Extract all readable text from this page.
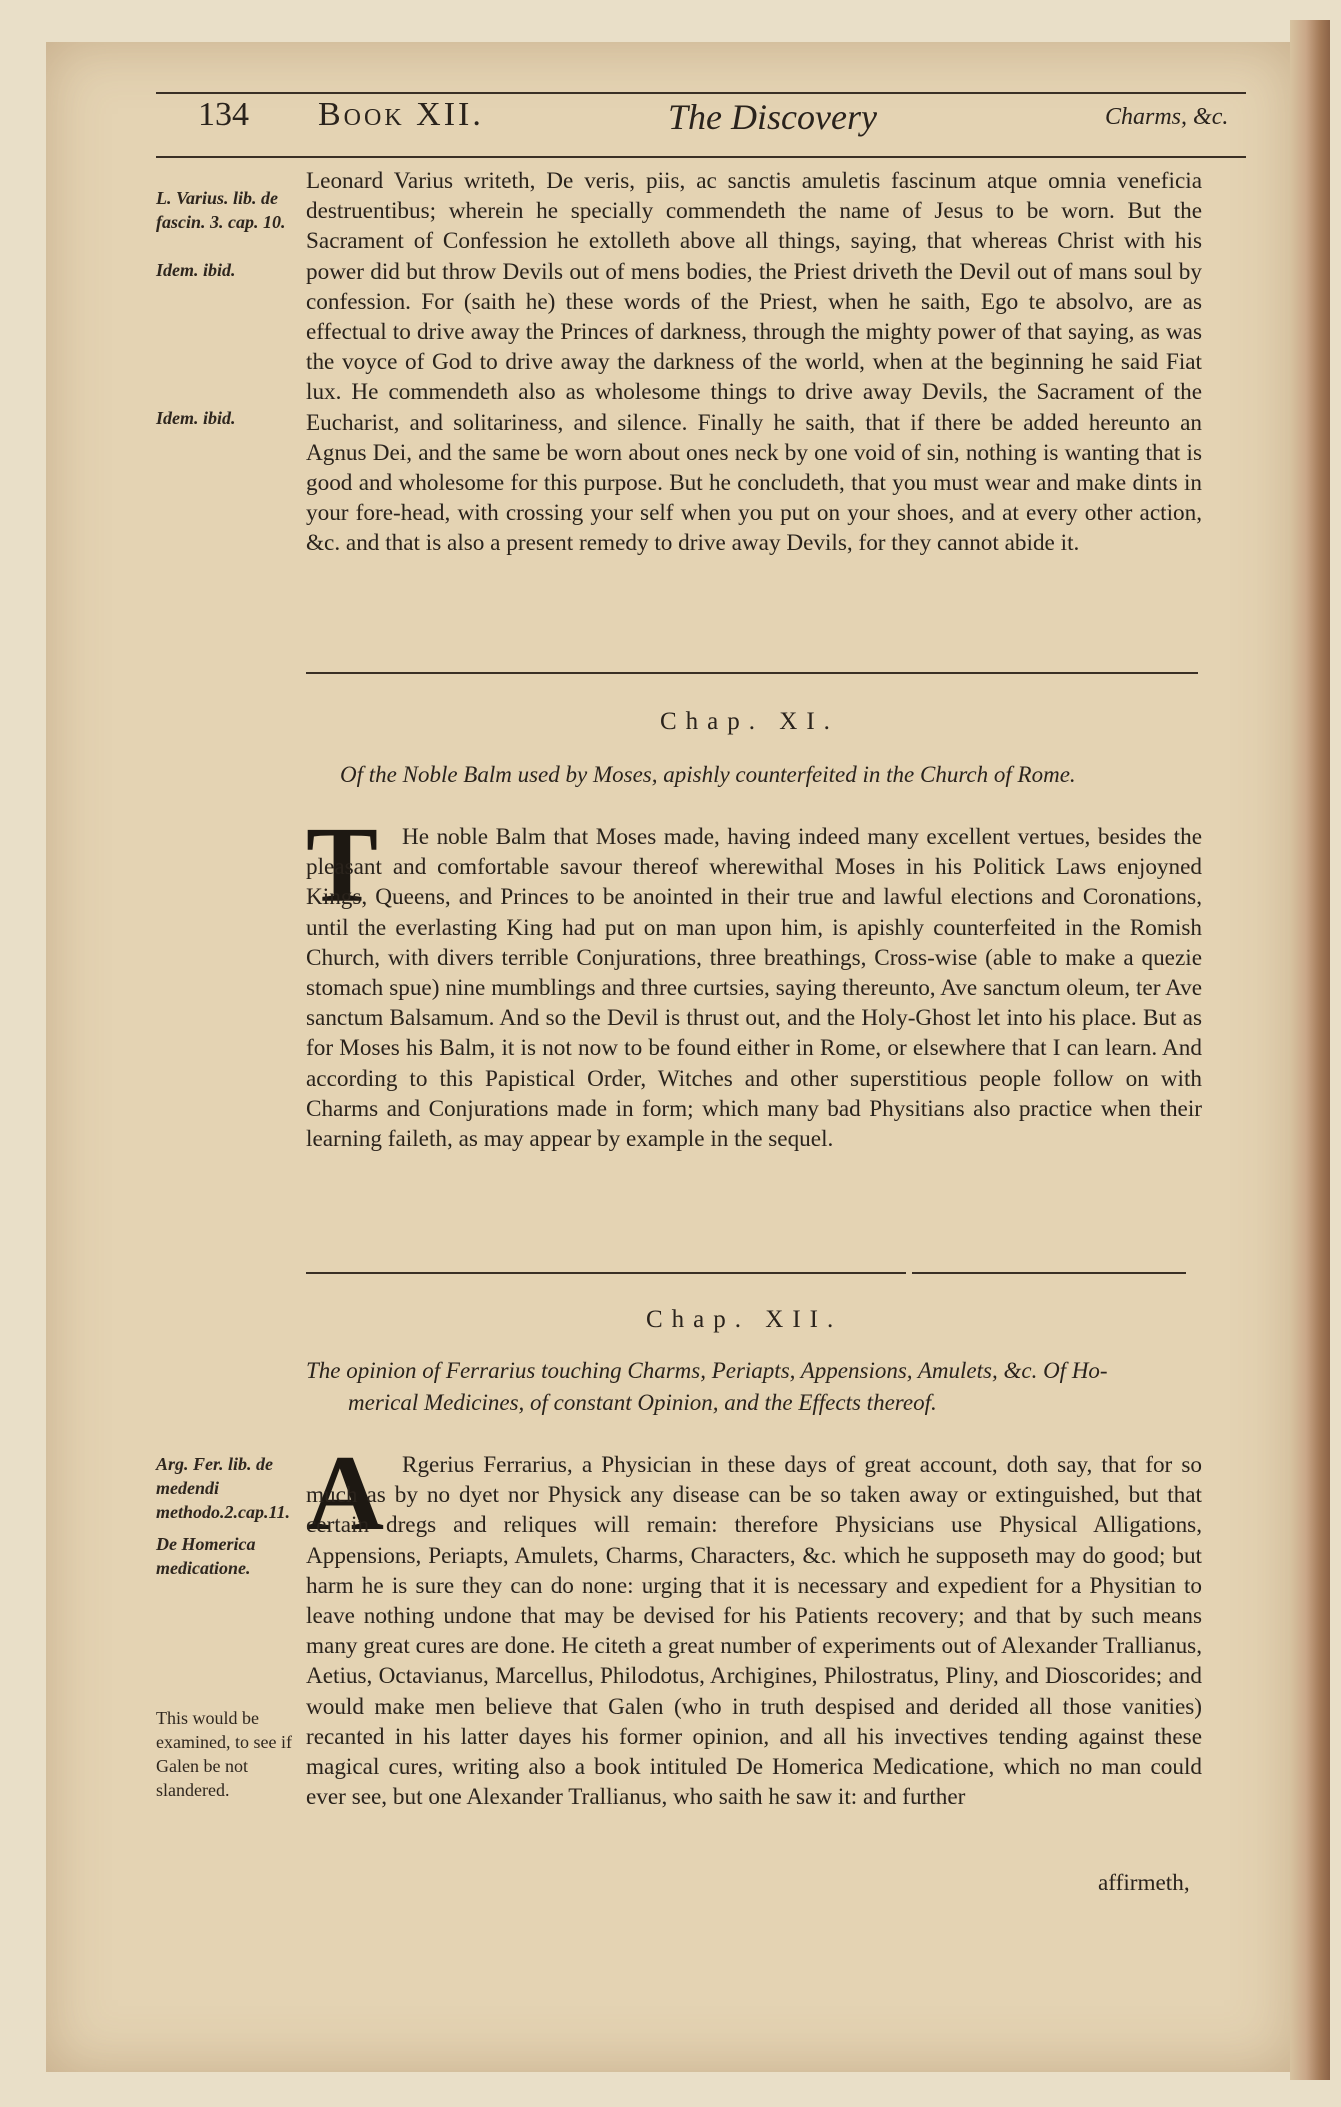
134 Book XII.	The Discovery	Charms, &c.
L. Varius. lib. de fascin. 3. cap. 10.
Idem. ibid.
Idem. ibid.
Leonard Varius writeth, De veris, piis, ac sanctis amuletis fascinum atque omnia veneficia destruentibus; wherein he specially commendeth the name of Jesus to be worn. But the Sacrament of Confession he extolleth above all things, saying, that whereas Christ with his power did but throw Devils out of mens bodies, the Priest driveth the Devil out of mans soul by confession. For (saith he) these words of the Priest, when he saith, Ego te absolvo, are as effectual to drive away the Princes of darkness, through the mighty power of that saying, as was the voyce of God to drive away the darkness of the world, when at the beginning he said Fiat lux. He commendeth also as wholesome things to drive away Devils, the Sacrament of the Eucharist, and solitariness, and silence. Finally he saith, that if there be added hereunto an Agnus Dei, and the same be worn about ones neck by one void of sin, nothing is wanting that is good and wholesome for this purpose. But he concludeth, that you must wear and make dints in your fore-head, with crossing your self when you put on your shoes, and at every other action, &c. and that is also a present remedy to drive away Devils, for they cannot abide it.
Chap. XI.
Of the Noble Balm used by Moses, apishly counterfeited in the Church of Rome.
T	He noble Balm that Moses made, having indeed many excellent vertues, besides the pleasant and comfortable savour thereof wherewithal Moses in his Politick Laws enjoyned Kings, Queens, and Princes to be anointed in their true and lawful elections and Coronations, until the everlasting King had put on man upon him, is apishly counterfeited in the Romish Church, with divers terrible Conjurations, three breathings, Cross-wise (able to make a quezie stomach spue) nine mumblings and three curtsies, saying thereunto, Ave sanctum oleum, ter Ave sanctum Balsamum. And so the Devil is thrust out, and the Holy-Ghost let into his place. But as for Moses his Balm, it is not now to be found either in Rome, or elsewhere that I can learn. And according to this Papistical Order, Witches and other superstitious people follow on with Charms and Conjurations made in form; which many bad Physitians also practice when their learning faileth, as may appear by example in the sequel.
Chap. XII.
The opinion of Ferrarius touching Charms, Periapts, Appensions, Amulets, &c. Of Ho-
merical Medicines, of constant Opinion, and the Effects thereof.
Arg. Fer. lib. de medendi methodo.2.cap.11.
De Homerica medicatione.
This would be examined, to see if Galen be not slandered.
A Rgerius Ferrarius, a Physician in these days of great account, doth say, that for so much as by no dyet nor Physick any disease can be so taken away or extinguished, but that certain dregs and reliques will remain: therefore Physicians use Physical Alligations, Appensions, Periapts, Amulets, Charms, Characters, &c. which he supposeth may do good; but harm he is sure they can do none: urging that it is necessary and expedient for a Physitian to leave nothing undone that may be devised for his Patients recovery; and that by such means many great cures are done. He citeth a great number of experiments out of Alexander Trallianus, Aetius, Octavianus, Marcellus, Philodotus, Archigines, Philostratus, Pliny, and Dioscorides; and would make men believe that Galen (who in truth despised and derided all those vanities) recanted in his latter dayes his former opinion, and all his invectives tending against these magical cures, writing also a book intituled De Homerica Medicatione, which no man could ever see, but one Alexander Trallianus, who saith he saw it: and further
affirmeth,
